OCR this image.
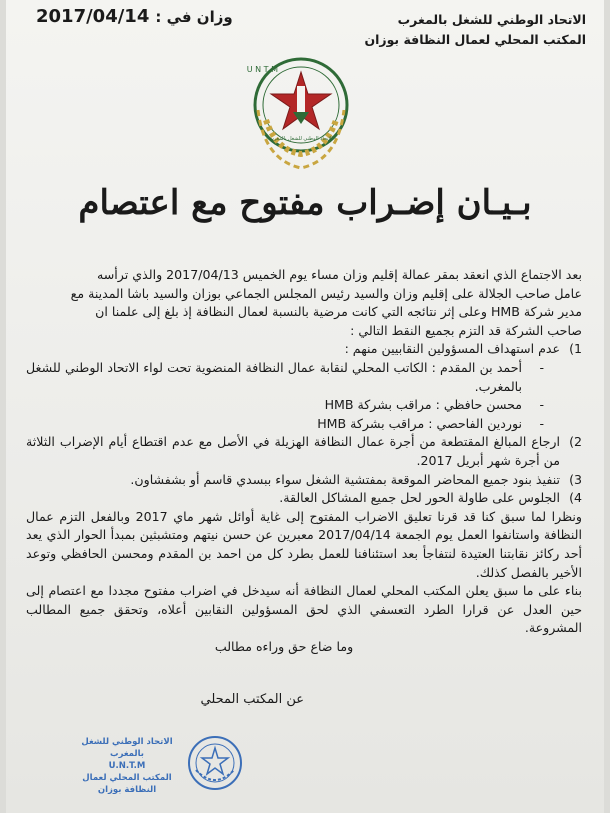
الاتحاد الوطني للشغل بالمغرب
المكتب المحلي لعمال النظافة بوزان
وزان في :2017/04/14
U N T M
الاتحاد الوطني للشغل بالمغرب
بـيـان إضـراب مفتوح مع اعتصام

بعد الاجتماع الذي انعقد بمقر عمالة إقليم وزان مساء يوم الخميس 2017/04/13 والذي ترأسه

عامل صاحب الجلالة على إقليم وزان والسيد رئيس المجلس الجماعي بوزان والسيد باشا المدينة مع

مدير شركة HMB وعلى إثر نتائجه التي كانت مرضية بالنسبة لعمال النظافة إذ بلغ إلى علمنا ان

صاحب الشركة قد التزم بجميع النقط التالي :

1)
عدم استهداف المسؤولين النقابيين منهم :
-
أحمد بن المقدم : الكاتب المحلي لنقابة عمال النظافة المنضوية تحت لواء الاتحاد الوطني للشغل بالمغرب.
-
محسن حافظي : مراقب بشركة HMB
-
نوردين الفاحصي : مراقب بشركة HMB
2)
ارجاع المبالغ المقتطعة من أجرة عمال النظافة الهزيلة في الأصل مع عدم اقتطاع أيام الإضراب الثلاثة من أجرة شهر أبريل 2017.
3)
تنفيذ بنود جميع المحاضر الموقعة بمفتشية الشغل سواء ببسدي قاسم أو بشفشاون.
4)
الجلوس على طاولة الحور لحل جميع المشاكل العالقة.

ونظرا لما سبق كنا قد قرنا تعليق الاضراب المفتوح إلى غاية أوائل شهر ماي 2017 وبالفعل التزم عمال النظافة واستانفوا العمل يوم الجمعة 2017/04/14 معبرين عن حسن نيتهم ومتشبثين بمبدأ الحوار الذي يعد أحد ركائز نقابتنا العتيدة لنتفاجأ بعد استئنافنا للعمل بطرد كل من احمد بن المقدم ومحسن الحافظي وتوعد الأخير بالفصل كذلك.

بناء على ما سبق يعلن المكتب المحلي لعمال النظافة أنه سيدخل في اضراب مفتوح مجددا مع اعتصام إلى حين العدل عن قرارا الطرد التعسفي الذي لحق المسؤولين النقابين أعلاه، وتحقق جميع المطالب المشروعة.

وما ضاع حق وراءه مطالب

عن المكتب المحلي
الاتحاد الوطني للشغل بالمغرب
U.N.T.M
المكتب المحلي لعمال
النظافة بوزان
